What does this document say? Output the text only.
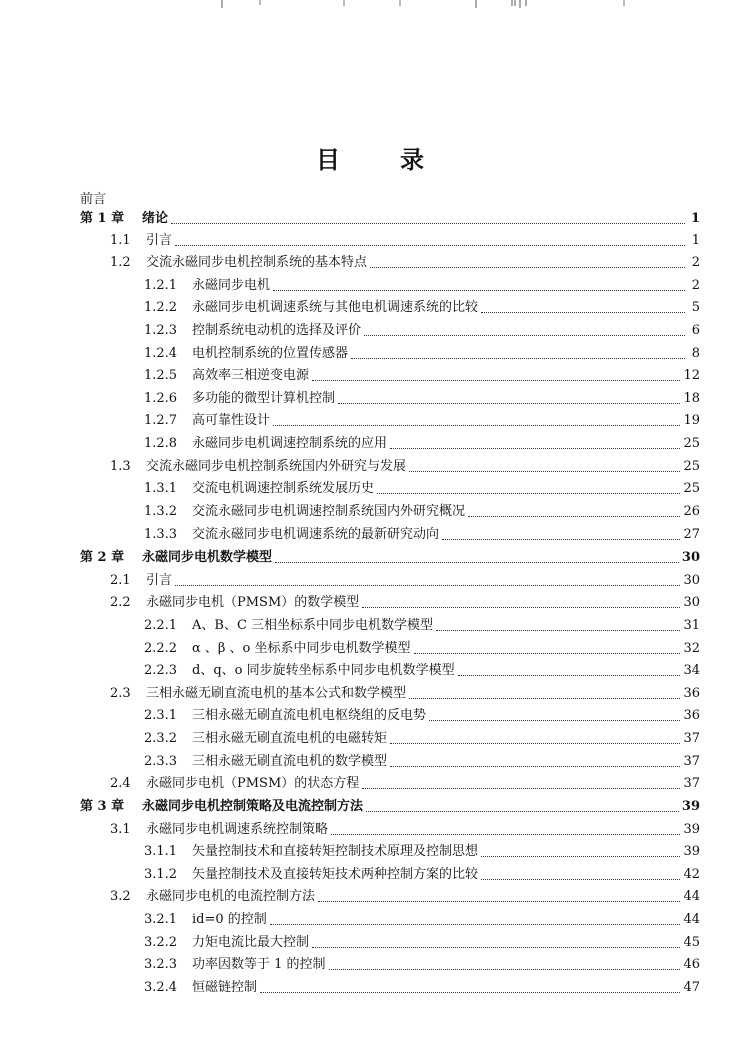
目 录
前言
第 1 章	绪论	1
1.1	引言	1
1.2	交流永磁同步电机控制系统的基本特点	2
1.2.1	永磁同步电机	2
1.2.2	永磁同步电机调速系统与其他电机调速系统的比较	5
1.2.3	控制系统电动机的选择及评价	6
1.2.4	电机控制系统的位置传感器	8
1.2.5	高效率三相逆变电源	12
1.2.6	多功能的微型计算机控制	18
1.2.7	高可靠性设计	19
1.2.8	永磁同步电机调速控制系统的应用	25
1.3	交流永磁同步电机控制系统国内外研究与发展	25
1.3.1	交流电机调速控制系统发展历史	25
1.3.2	交流永磁同步电机调速控制系统国内外研究概况	26
1.3.3	交流永磁同步电机调速系统的最新研究动向	27
第 2 章	永磁同步电机数学模型	30
2.1	引言	30
2.2	永磁同步电机（PMSM）的数学模型	30
2.2.1	A、B、C 三相坐标系中同步电机数学模型	31
2.2.2	α 、β 、o 坐标系中同步电机数学模型	32
2.2.3	d、q、o 同步旋转坐标系中同步电机数学模型	34
2.3	三相永磁无刷直流电机的基本公式和数学模型	36
2.3.1	三相永磁无刷直流电机电枢绕组的反电势	36
2.3.2	三相永磁无刷直流电机的电磁转矩	37
2.3.3	三相永磁无刷直流电机的数学模型	37
2.4	永磁同步电机（PMSM）的状态方程	37
第 3 章	永磁同步电机控制策略及电流控制方法	39
3.1	永磁同步电机调速系统控制策略	39
3.1.1	矢量控制技术和直接转矩控制技术原理及控制思想	39
3.1.2	矢量控制技术及直接转矩技术两种控制方案的比较	42
3.2	永磁同步电机的电流控制方法	44
3.2.1	id=0 的控制	44
3.2.2	力矩电流比最大控制	45
3.2.3	功率因数等于 1 的控制	46
3.2.4	恒磁链控制	47
